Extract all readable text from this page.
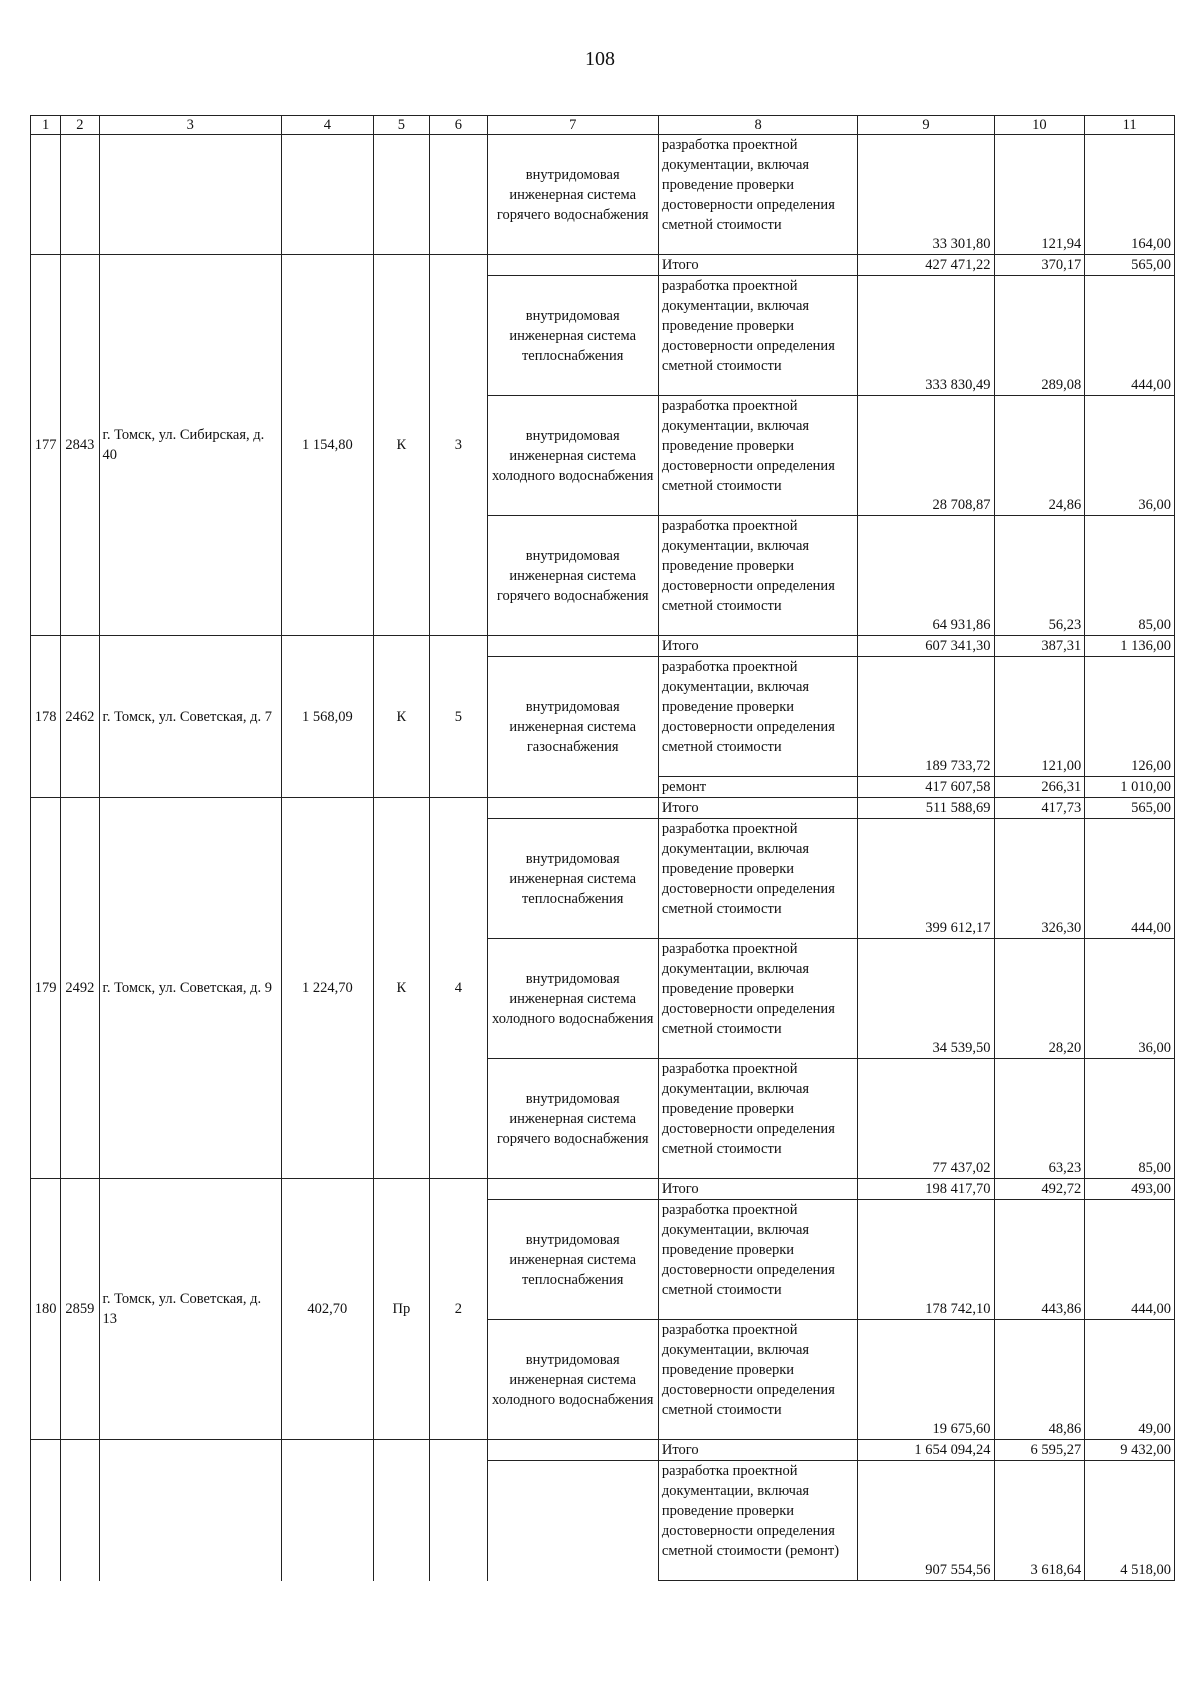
108
1	2	3	4	5	6	7	8	9	10	11
						внутридомовая инженерная система горячего водоснабжения	разработка проектной документации, включая проведение проверки достоверности определения сметной стоимости	33 301,80	121,94	164,00
177	2843	г. Томск, ул. Сибирская, д. 40	1 154,80	К	3		Итого	427 471,22	370,17	565,00
						внутридомовая инженерная система теплоснабжения	разработка проектной документации, включая проведение проверки достоверности определения сметной стоимости	333 830,49	289,08	444,00
						внутридомовая инженерная система холодного водоснабжения	разработка проектной документации, включая проведение проверки достоверности определения сметной стоимости	28 708,87	24,86	36,00
						внутридомовая инженерная система горячего водоснабжения	разработка проектной документации, включая проведение проверки достоверности определения сметной стоимости	64 931,86	56,23	85,00
178	2462	г. Томск, ул. Советская, д. 7	1 568,09	К	5		Итого	607 341,30	387,31	1 136,00
						внутридомовая инженерная система газоснабжения	разработка проектной документации, включая проведение проверки достоверности определения сметной стоимости	189 733,72	121,00	126,00
							ремонт	417 607,58	266,31	1 010,00
179	2492	г. Томск, ул. Советская, д. 9	1 224,70	К	4		Итого	511 588,69	417,73	565,00
						внутридомовая инженерная система теплоснабжения	разработка проектной документации, включая проведение проверки достоверности определения сметной стоимости	399 612,17	326,30	444,00
						внутридомовая инженерная система холодного водоснабжения	разработка проектной документации, включая проведение проверки достоверности определения сметной стоимости	34 539,50	28,20	36,00
						внутридомовая инженерная система горячего водоснабжения	разработка проектной документации, включая проведение проверки достоверности определения сметной стоимости	77 437,02	63,23	85,00
180	2859	г. Томск, ул. Советская, д. 13	402,70	Пр	2		Итого	198 417,70	492,72	493,00
						внутридомовая инженерная система теплоснабжения	разработка проектной документации, включая проведение проверки достоверности определения сметной стоимости	178 742,10	443,86	444,00
						внутридомовая инженерная система холодного водоснабжения	разработка проектной документации, включая проведение проверки достоверности определения сметной стоимости	19 675,60	48,86	49,00
							Итого	1 654 094,24	6 595,27	9 432,00
							разработка проектной документации, включая проведение проверки достоверности определения сметной стоимости (ремонт)	907 554,56	3 618,64	4 518,00
